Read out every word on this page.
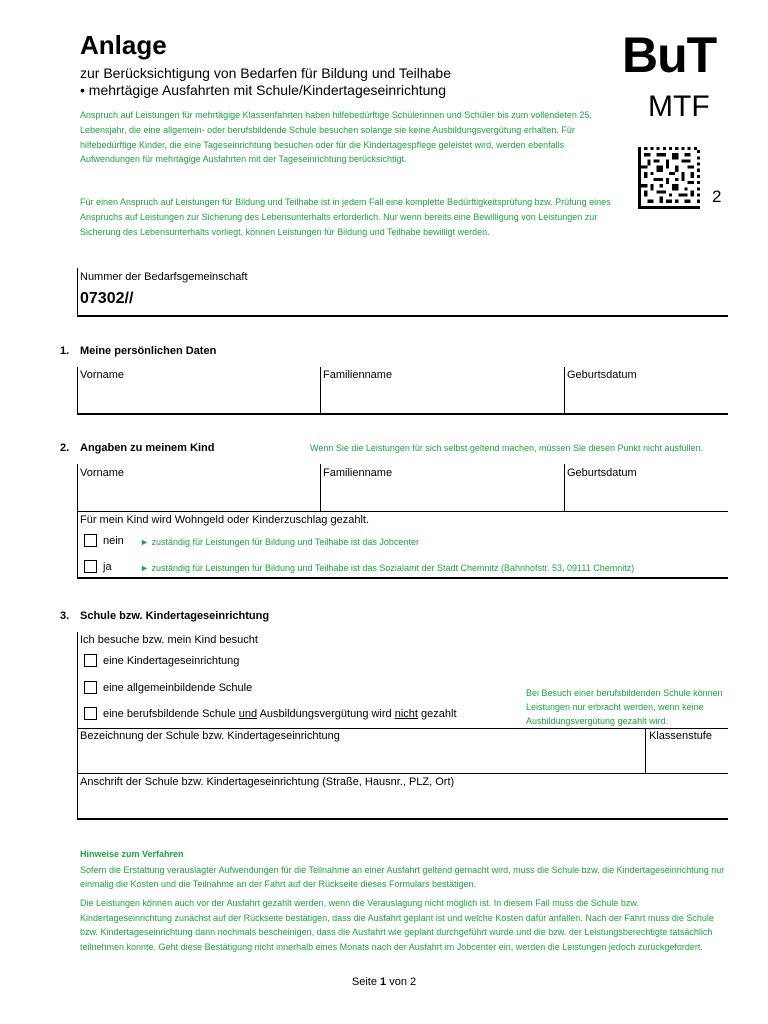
Anlage
zur Berücksichtigung von Bedarfen für Bildung und Teilhabe
• mehrtägige Ausfahrten mit Schule/Kindertageseinrichtung
Anspruch auf Leistungen für mehrtägige Klassenfahrten haben hilfebedürftige Schülerinnen und Schüler bis zum vollendeten 25. Lebensjahr, die eine allgemein- oder berufsbildende Schule besuchen solange sie keine Ausbildungsvergütung erhalten. Für hilfebedürftige Kinder, die eine Tageseinrichtung besuchen oder für die Kindertagespflege geleistet wird, werden ebenfalls Aufwendungen für mehrtägige Ausfahrten mit der Tageseinrichtung berücksichtigt.
Für einen Anspruch auf Leistungen für Bildung und Teilhabe ist in jedem Fall eine komplette Bedürftigkeitsprüfung bzw. Prüfung eines Anspruchs auf Leistungen zur Sicherung des Lebensunterhalts erforderlich. Nur wenn bereits eine Bewilligung von Leistungen zur Sicherung des Lebensunterhalts vorliegt, können Leistungen für Bildung und Teilhabe bewilligt werden.
BuT
MTF
2
Nummer der Bedarfsgemeinschaft
07302//
1. Meine persönlichen Daten
Vorname	Familienname	Geburtsdatum
2. Angaben zu meinem Kind	Wenn Sie die Leistungen für sich selbst geltend machen, müssen Sie diesen Punkt nicht ausfüllen.
Vorname	Familienname	Geburtsdatum
Für mein Kind wird Wohngeld oder Kinderzuschlag gezahlt.
nein ► zuständig für Leistungen für Bildung und Teilhabe ist das Jobcenter
ja	► zuständig für Leistungen für Bildung und Teilhabe ist das Sozialamt der Stadt Chemnitz (Bahnhofstr. 53, 09111 Chemnitz)
3. Schule bzw. Kindertageseinrichtung
Ich besuche bzw. mein Kind besucht
eine Kindertageseinrichtung
eine allgemeinbildende Schule
eine berufsbildende Schule und Ausbildungsvergütung wird nicht gezahlt
Bei Besuch einer berufsbildenden Schule können Leistungen nur erbracht werden, wenn keine Ausbildungsvergütung gezahlt wird.
Bezeichnung der Schule bzw. Kindertageseinrichtung	Klassenstufe
Anschrift der Schule bzw. Kindertageseinrichtung (Straße, Hausnr., PLZ, Ort)
Hinweise zum Verfahren
Sofern die Erstattung verauslagter Aufwendungen für die Teilnahme an einer Ausfahrt geltend gemacht wird, muss die Schule bzw. die Kindertageseinrichtung nur einmalig die Kosten und die Teilnahme an der Fahrt auf der Rückseite dieses Formulars bestätigen.
Die Leistungen können auch vor der Ausfahrt gezahlt werden, wenn die Verauslagung nicht möglich ist. In diesem Fall muss die Schule bzw. Kindertageseinrichtung zunächst auf der Rückseite bestätigen, dass die Ausfahrt geplant ist und welche Kosten dafür anfallen. Nach der Fahrt muss die Schule bzw. Kindertageseinrichtung dann nochmals bescheinigen, dass die Ausfahrt wie geplant durchgeführt wurde und die bzw. der Leistungsberechtigte tatsächlich teilnehmen konnte. Geht diese Bestätigung nicht innerhalb eines Monats nach der Ausfahrt im Jobcenter ein, werden die Leistungen jedoch zurückgefordert.
Seite 1 von 2
